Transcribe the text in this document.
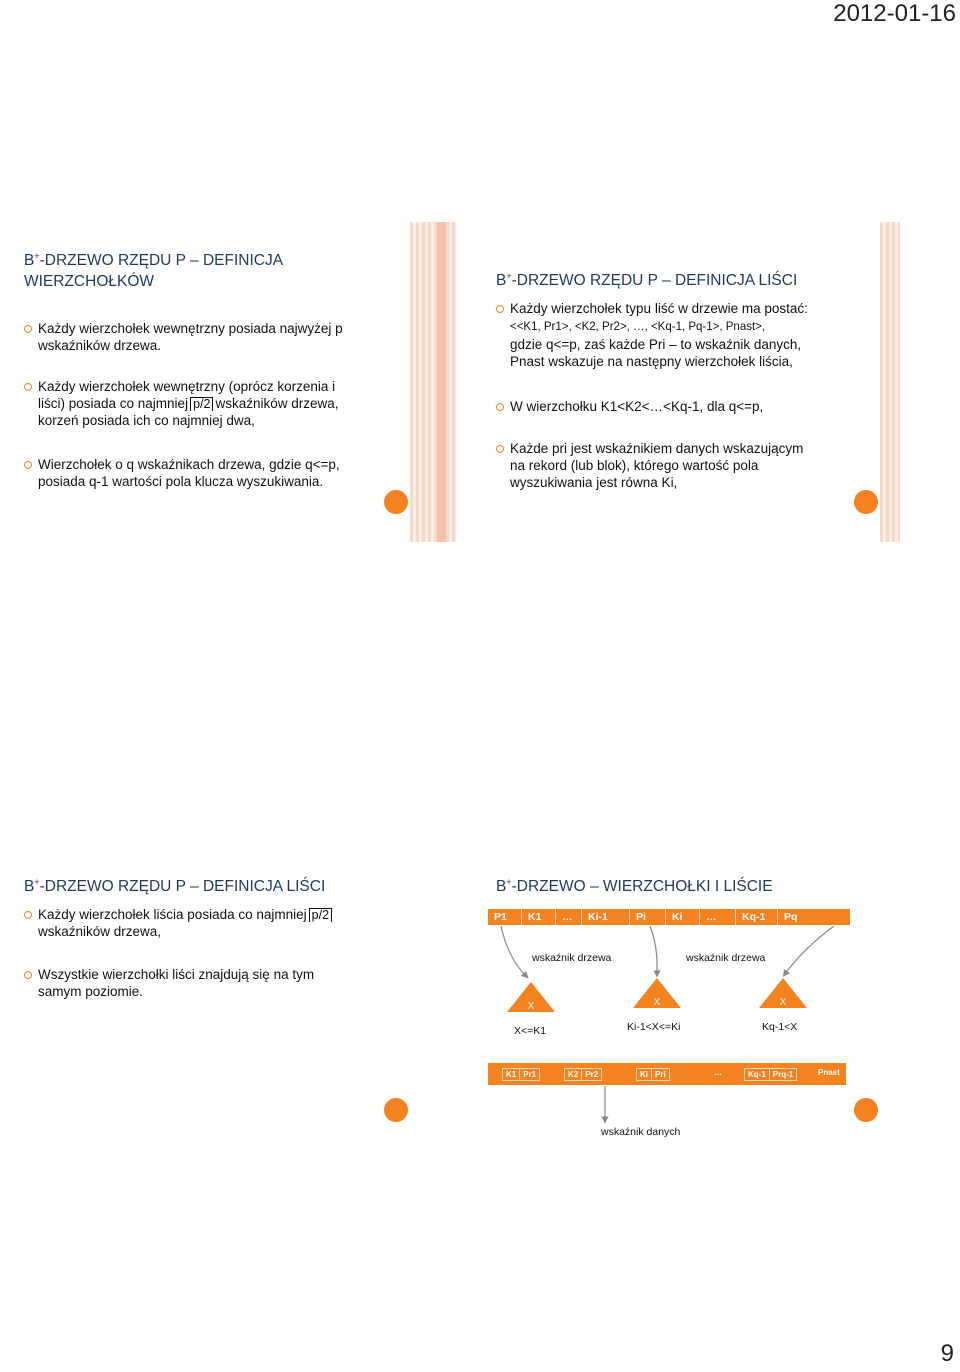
2012-01-16
B+-DRZEWO RZĘDU P – DEFINICJA
WIERZCHOŁKÓW
Każdy wierzchołek wewnętrzny posiada najwyżej p
wskaźników drzewa.
Każdy wierzchołek wewnętrzny (oprócz korzenia i
liści) posiada co najmniej p/2 wskaźników drzewa,
korzeń posiada ich co najmniej dwa,
Wierzchołek o q wskaźnikach drzewa, gdzie q<=p,
posiada q-1 wartości pola klucza wyszukiwania.
B+-DRZEWO RZĘDU P – DEFINICJA LIŚCI
Każdy wierzchołek typu liść w drzewie ma postać:
<<K1, Pr1>, <K2, Pr2>, …, <Kq-1, Pq-1>, Pnast>,
gdzie q<=p, zaś każde Pri – to wskaźnik danych,
Pnast wskazuje na następny wierzchołek liścia,
W wierzchołku K1<K2<…<Kq-1, dla q<=p,
Każde pri jest wskaźnikiem danych wskazującym
na rekord (lub blok), którego wartość pola
wyszukiwania jest równa Ki,
B+-DRZEWO RZĘDU P – DEFINICJA LIŚCI
Każdy wierzchołek liścia posiada co najmniej p/2
wskaźników drzewa,
Wszystkie wierzchołki liści znajdują się na tym
samym poziomie.
B+-DRZEWO – WIERZCHOŁKI I LIŚCIE
P1	K1	…	Ki-1	Pi	Ki	…	Kq-1	Pq
wskaźnik drzewa	wskaźnik drzewa
X	X	X
X<=K1	Ki-1<X<=Ki	Kq-1<X
K1 Pr1	K2 Pr2	Ki Pri	…	Kq-1 Prq-1	Pnast
wskaźnik danych
9
